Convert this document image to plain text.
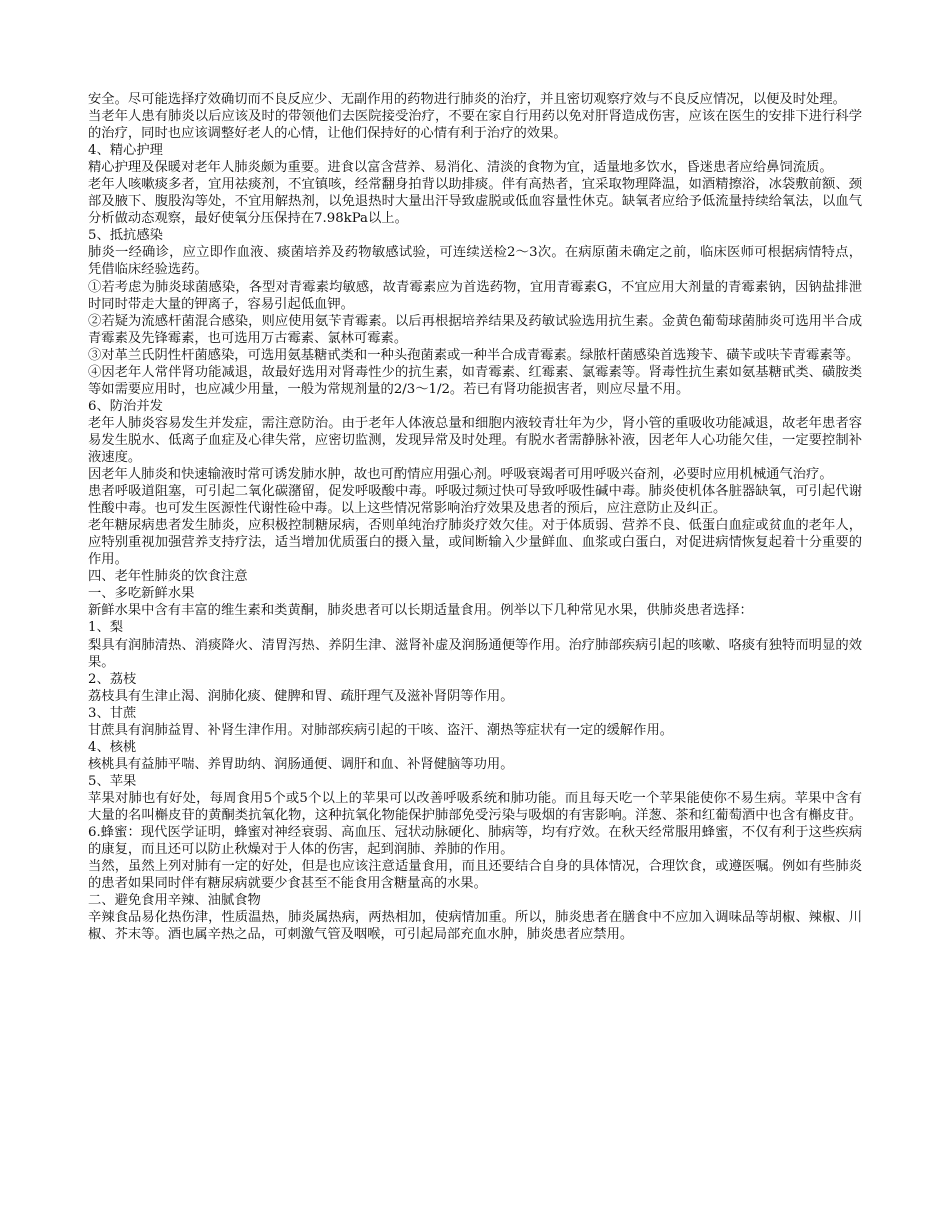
安全。尽可能选择疗效确切而不良反应少、无副作用的药物进行肺炎的治疗，并且密切观察疗效与不良反应情况，以便及时处理。

当老年人患有肺炎以后应该及时的带领他们去医院接受治疗，不要在家自行用药以免对肝肾造成伤害，应该在医生的安排下进行科学的治疗，同时也应该调整好老人的心情，让他们保持好的心情有利于治疗的效果。

4、精心护理

精心护理及保暖对老年人肺炎颇为重要。进食以富含营养、易消化、清淡的食物为宜，适量地多饮水，昏迷患者应给鼻饲流质。

老年人咳嗽痰多者，宜用祛痰剂，不宜镇咳，经常翻身拍背以助排痰。伴有高热者，宜采取物理降温，如酒精擦浴，冰袋敷前额、颈部及腋下、腹股沟等处，不宜用解热剂，以免退热时大量出汗导致虚脱或低血容量性休克。缺氧者应给予低流量持续给氧法，以血气分析做动态观察，最好使氧分压保持在7.98kPa以上。

5、抵抗感染

肺炎一经确诊，应立即作血液、痰菌培养及药物敏感试验，可连续送检2～3次。在病原菌未确定之前，临床医师可根据病情特点，凭借临床经验选药。

①若考虑为肺炎球菌感染，各型对青霉素均敏感，故青霉素应为首选药物，宜用青霉素G，不宜应用大剂量的青霉素钠，因钠盐排泄时同时带走大量的钾离子，容易引起低血钾。

②若疑为流感杆菌混合感染，则应使用氨苄青霉素。以后再根据培养结果及药敏试验选用抗生素。金黄色葡萄球菌肺炎可选用半合成青霉素及先锋霉素，也可选用万古霉素、氯林可霉素。

③对革兰氏阴性杆菌感染，可选用氨基糖甙类和一种头孢菌素或一种半合成青霉素。绿脓杆菌感染首选羧苄、磺苄或呋苄青霉素等。

④因老年人常伴肾功能减退，故最好选用对肾毒性少的抗生素，如青霉素、红霉素、氯霉素等。肾毒性抗生素如氨基糖甙类、磺胺类等如需要应用时，也应减少用量，一般为常规剂量的2/3～1/2。若已有肾功能损害者，则应尽量不用。

6、防治并发

老年人肺炎容易发生并发症，需注意防治。由于老年人体液总量和细胞内液较青壮年为少，肾小管的重吸收功能减退，故老年患者容易发生脱水、低离子血症及心律失常，应密切监测，发现异常及时处理。有脱水者需静脉补液，因老年人心功能欠佳，一定要控制补液速度。

因老年人肺炎和快速输液时常可诱发肺水肿，故也可酌情应用强心剂。呼吸衰竭者可用呼吸兴奋剂，必要时应用机械通气治疗。

患者呼吸道阻塞，可引起二氧化碳潴留，促发呼吸酸中毒。呼吸过频过快可导致呼吸性碱中毒。肺炎使机体各脏器缺氧，可引起代谢性酸中毒。也可发生医源性代谢性硷中毒。以上这些情况常影响治疗效果及患者的预后，应注意防止及纠正。

老年糖尿病患者发生肺炎，应积极控制糖尿病，否则单纯治疗肺炎疗效欠佳。对于体质弱、营养不良、低蛋白血症或贫血的老年人，应特别重视加强营养支持疗法，适当增加优质蛋白的摄入量，或间断输入少量鲜血、血浆或白蛋白，对促进病情恢复起着十分重要的作用。

四、老年性肺炎的饮食注意

一、多吃新鲜水果

新鲜水果中含有丰富的维生素和类黄酮，肺炎患者可以长期适量食用。例举以下几种常见水果，供肺炎患者选择：

1、梨

梨具有润肺清热、消痰降火、清胃泻热、养阴生津、滋肾补虚及润肠通便等作用。治疗肺部疾病引起的咳嗽、咯痰有独特而明显的效果。

2、荔枝

荔枝具有生津止渴、润肺化痰、健脾和胃、疏肝理气及滋补肾阴等作用。

3、甘蔗

甘蔗具有润肺益胃、补肾生津作用。对肺部疾病引起的干咳、盗汗、潮热等症状有一定的缓解作用。

4、核桃

核桃具有益肺平喘、养胃助纳、润肠通便、调肝和血、补肾健脑等功用。

5、苹果

苹果对肺也有好处，每周食用5个或5个以上的苹果可以改善呼吸系统和肺功能。而且每天吃一个苹果能使你不易生病。苹果中含有大量的名叫槲皮苷的黄酮类抗氧化物，这种抗氧化物能保护肺部免受污染与吸烟的有害影响。洋葱、茶和红葡萄酒中也含有槲皮苷。6.蜂蜜：现代医学证明，蜂蜜对神经衰弱、高血压、冠状动脉硬化、肺病等，均有疗效。在秋天经常服用蜂蜜，不仅有利于这些疾病的康复，而且还可以防止秋燥对于人体的伤害，起到润肺、养肺的作用。

当然，虽然上列对肺有一定的好处，但是也应该注意适量食用，而且还要结合自身的具体情况，合理饮食，或遵医嘱。例如有些肺炎的患者如果同时伴有糖尿病就要少食甚至不能食用含糖量高的水果。

二、避免食用辛辣、油腻食物

辛辣食品易化热伤津，性质温热，肺炎属热病，两热相加，使病情加重。所以，肺炎患者在膳食中不应加入调味品等胡椒、辣椒、川椒、芥末等。酒也属辛热之品，可刺激气管及咽喉，可引起局部充血水肿，肺炎患者应禁用。
